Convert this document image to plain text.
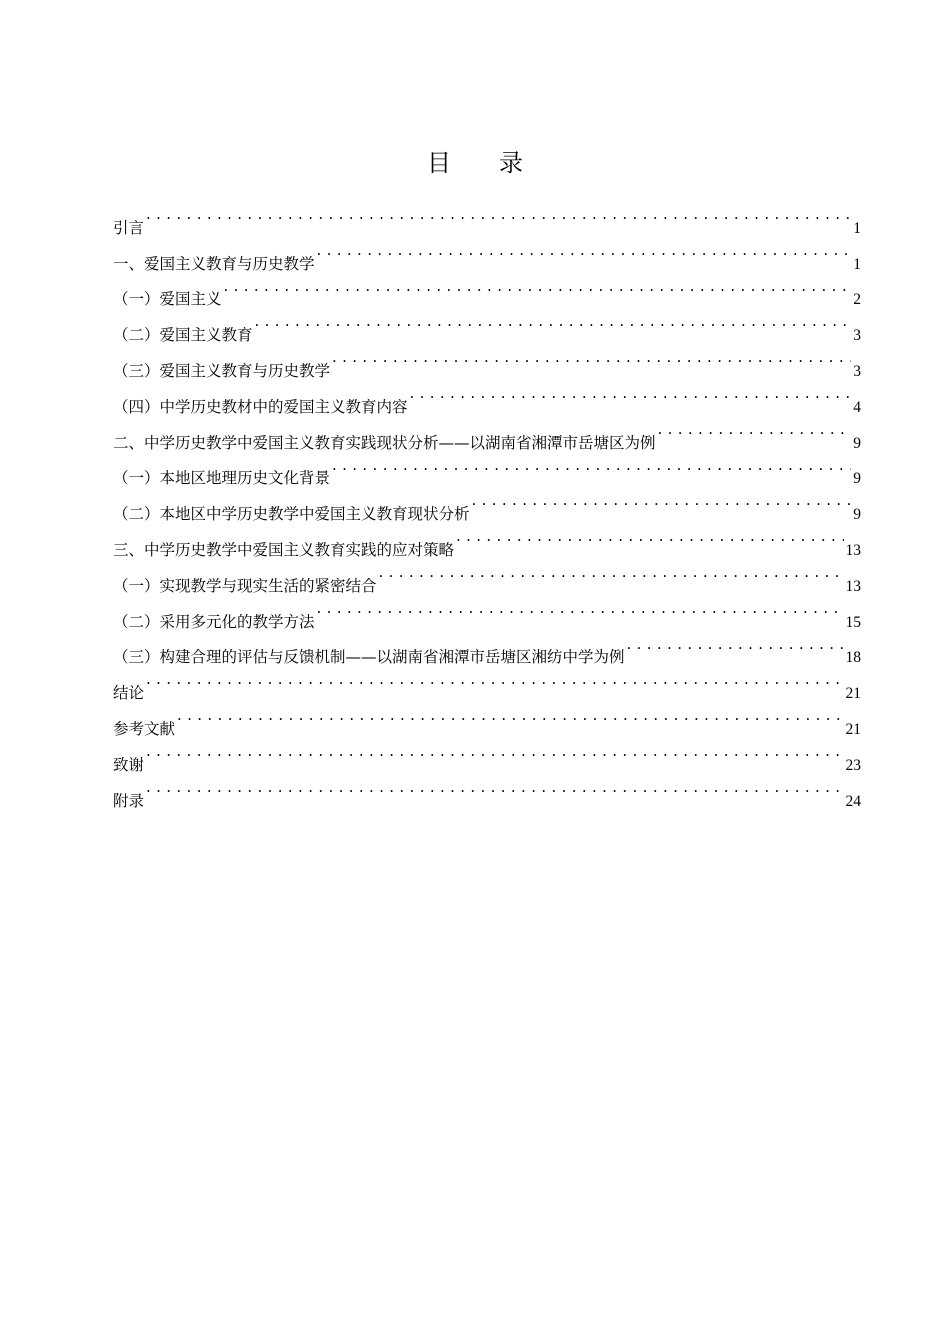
目录
引言 . . .	1
一、爱国主义教育与历史教学 . . .	1
（一）爱国主义 . . .	2
（二）爱国主义教育 . . .	3
（三）爱国主义教育与历史教学 . . .	3
（四）中学历史教材中的爱国主义教育内容 . . .	4
二、中学历史教学中爱国主义教育实践现状分析——以湖南省湘潭市岳塘区为例 . . .	9
（一）本地区地理历史文化背景 . . .	9
（二）本地区中学历史教学中爱国主义教育现状分析 . . .	9
三、中学历史教学中爱国主义教育实践的应对策略 . . .	13
（一）实现教学与现实生活的紧密结合 . . .	13
（二）采用多元化的教学方法 . . .	15
（三）构建合理的评估与反馈机制——以湖南省湘潭市岳塘区湘纺中学为例 . . .	18
结论 . . .	21
参考文献 . . .	21
致谢 . . .	23
附录 . . .	24
